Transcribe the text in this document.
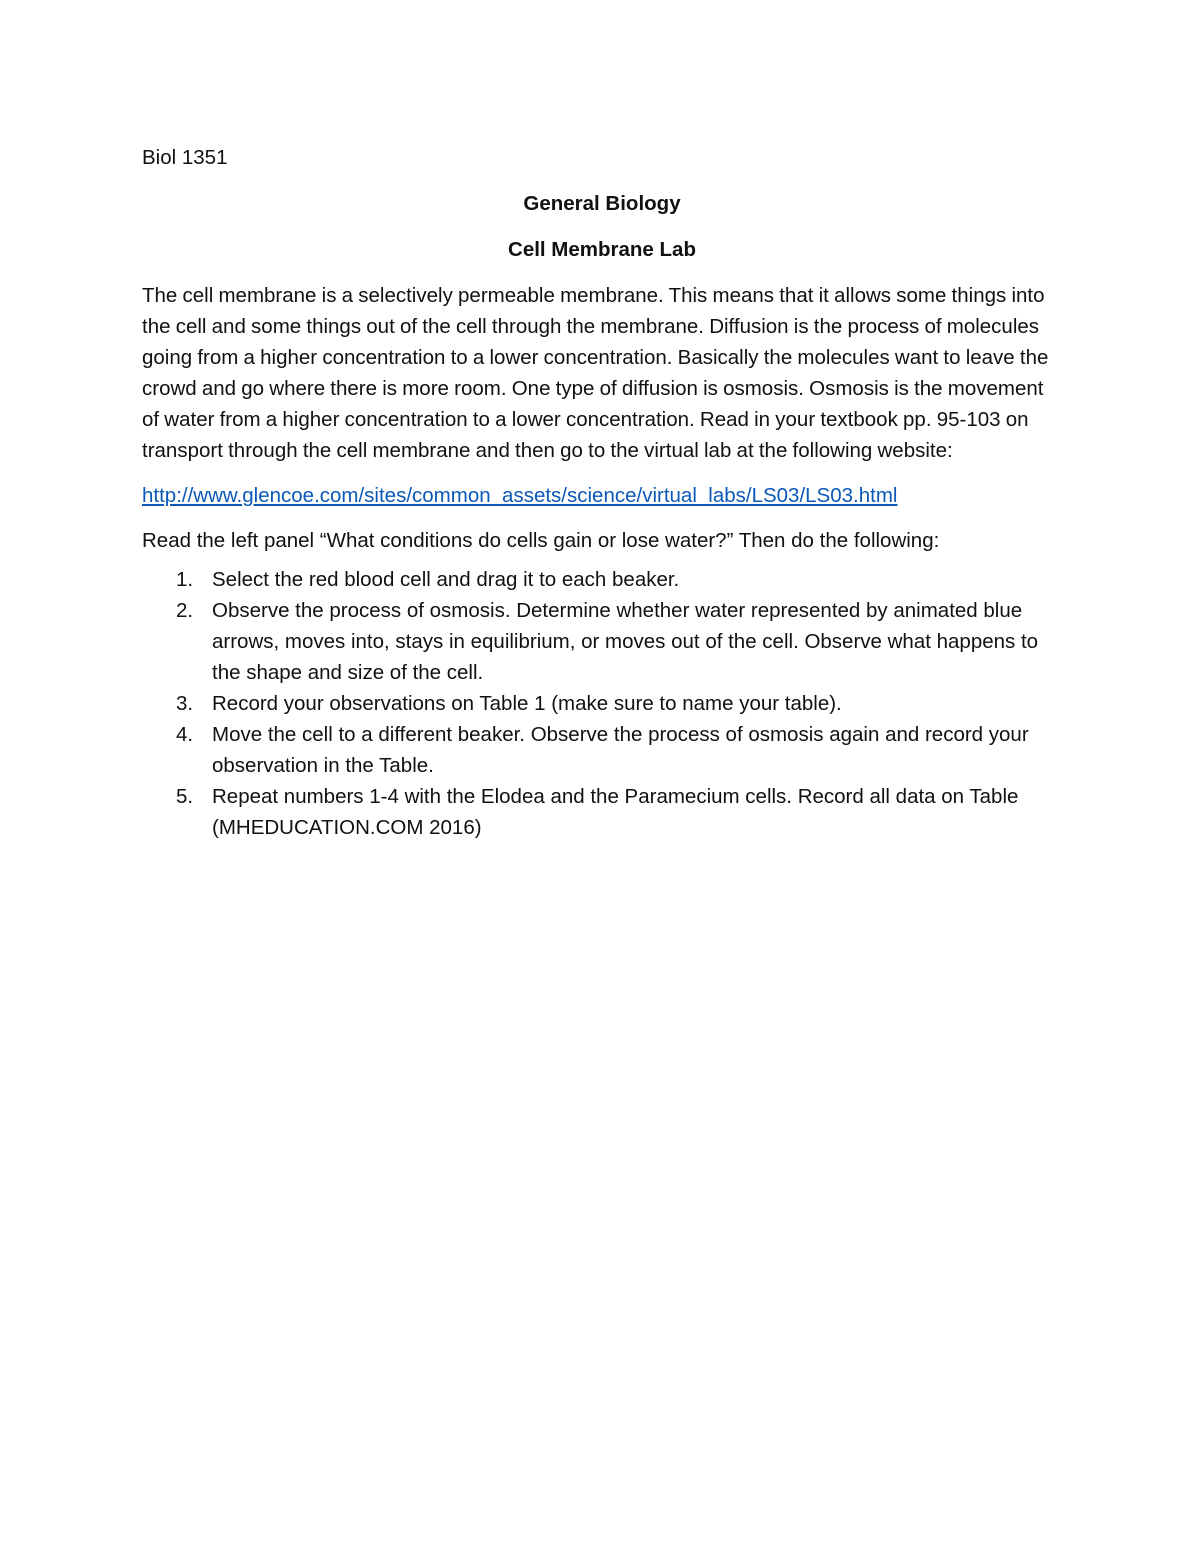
Biol 1351
General Biology
Cell Membrane Lab

The cell membrane is a selectively permeable membrane. This means that it allows some things into the cell and some things out of the cell through the membrane. Diffusion is the process of molecules going from a higher concentration to a lower concentration. Basically the molecules want to leave the crowd and go where there is more room. One type of diffusion is osmosis. Osmosis is the movement of water from a higher concentration to a lower concentration. Read in your textbook pp. 95-103 on transport through the cell membrane and then go to the virtual lab at the following website:

http://www.glencoe.com/sites/common_assets/science/virtual_labs/LS03/LS03.html

Read the left panel “What conditions do cells gain or lose water?” Then do the following:

1. Select the red blood cell and drag it to each beaker.
2. Observe the process of osmosis. Determine whether water represented by animated blue arrows, moves into, stays in equilibrium, or moves out of the cell. Observe what happens to the shape and size of the cell.
3. Record your observations on Table 1 (make sure to name your table).
4. Move the cell to a different beaker. Observe the process of osmosis again and record your observation in the Table.
5. Repeat numbers 1-4 with the Elodea and the Paramecium cells. Record all data on Table (MHEDUCATION.COM 2016)
